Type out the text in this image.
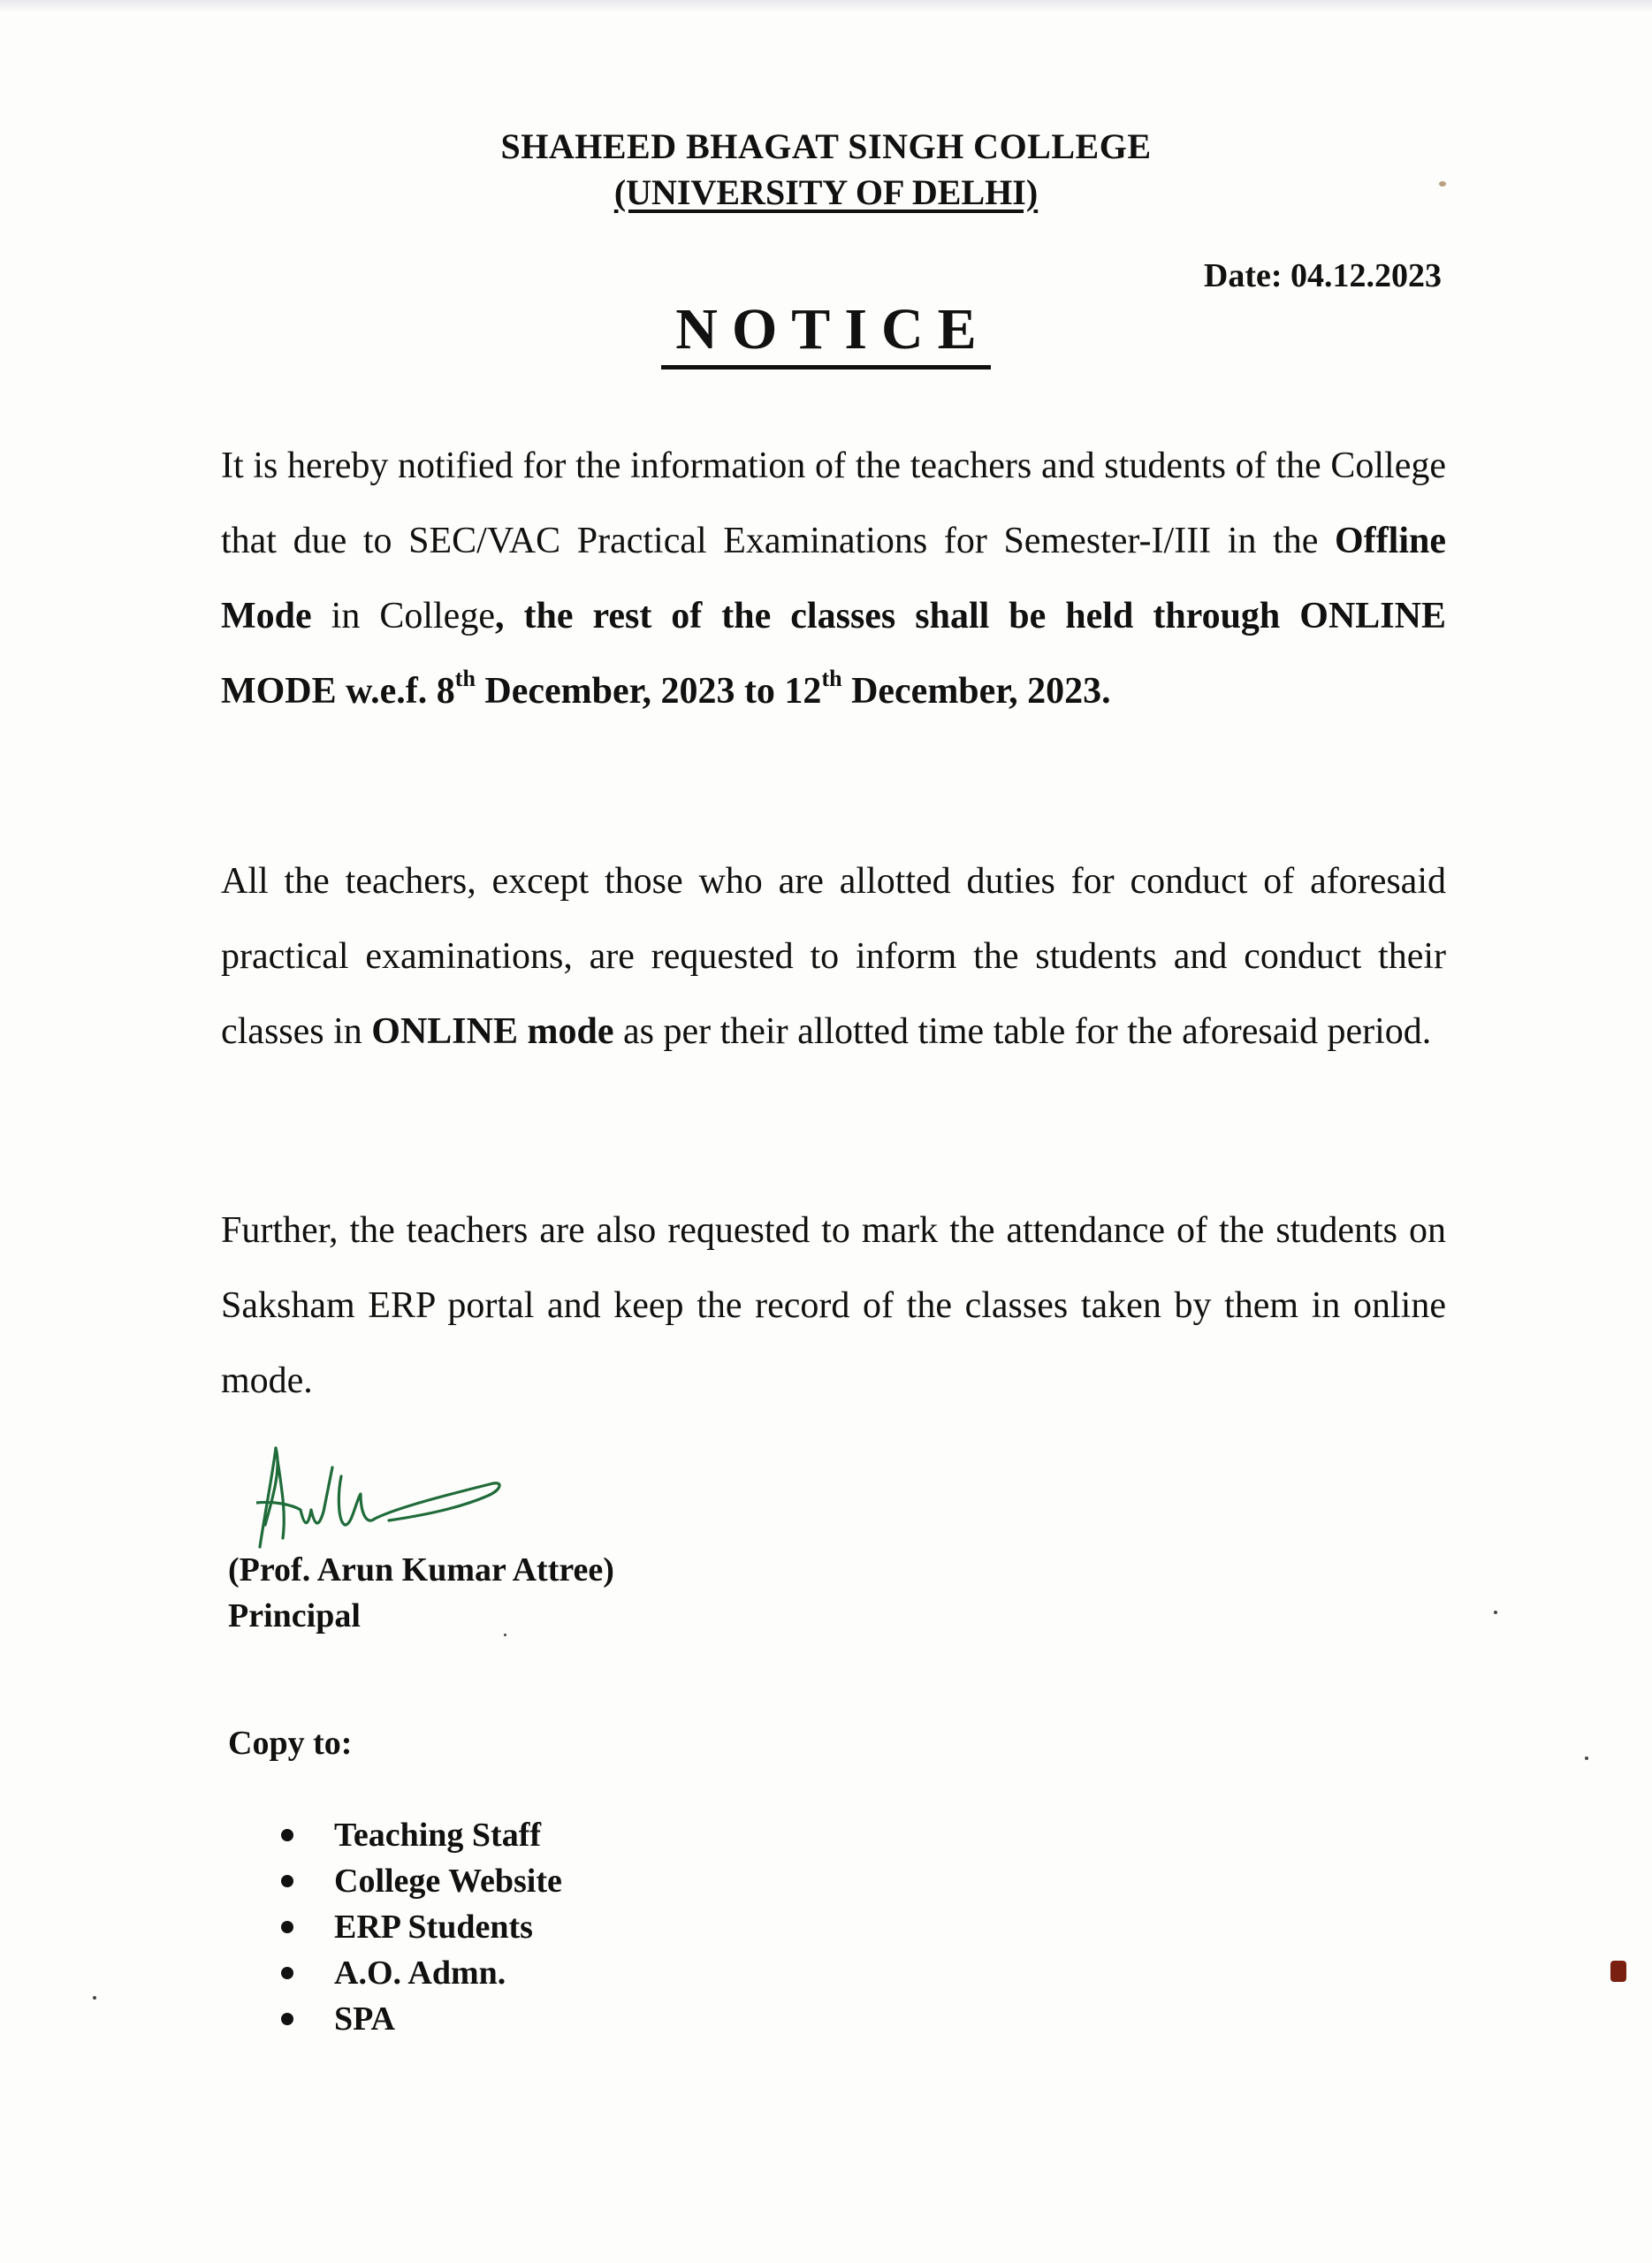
SHAHEED BHAGAT SINGH COLLEGE
(UNIVERSITY OF DELHI)
Date: 04.12.2023
NOTICE
It is hereby notified for the information of the teachers and students of the College that due to SEC/VAC Practical Examinations for Semester-I/III in the Offline Mode in College, the rest of the classes shall be held through ONLINE MODE w.e.f. 8th December, 2023 to 12th December, 2023.
All the teachers, except those who are allotted duties for conduct of aforesaid practical examinations, are requested to inform the students and conduct their classes in ONLINE mode as per their allotted time table for the aforesaid period.
Further, the teachers are also requested to mark the attendance of the students on Saksham ERP portal and keep the record of the classes taken by them in online mode.
(Prof. Arun Kumar Attree)
Principal
Copy to:
Teaching Staff
College Website
ERP Students
A.O. Admn.
SPA
